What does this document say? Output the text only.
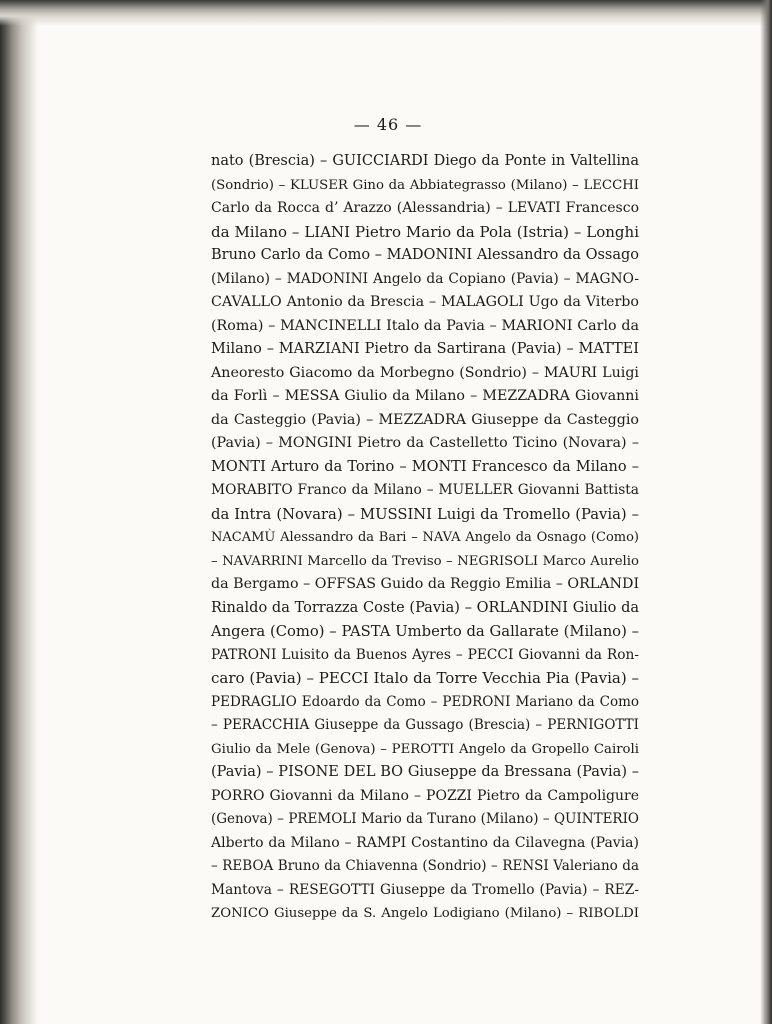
— 46 —
nato (Brescia) – GUICCIARDI Diego da Ponte in Valtellina
(Sondrio) – KLUSER Gino da Abbiategrasso (Milano) – LECCHI
Carlo da Rocca d’ Arazzo (Alessandria) – LEVATI Francesco
da Milano – LIANI Pietro Mario da Pola (Istria) – Longhi
Bruno Carlo da Como – MADONINI Alessandro da Ossago
(Milano) – MADONINI Angelo da Copiano (Pavia) – MAGNO-
CAVALLO Antonio da Brescia – MALAGOLI Ugo da Viterbo
(Roma) – MANCINELLI Italo da Pavia – MARIONI Carlo da
Milano – MARZIANI Pietro da Sartirana (Pavia) – MATTEI
Aneoresto Giacomo da Morbegno (Sondrio) – MAURI Luigi
da Forlì – MESSA Giulio da Milano – MEZZADRA Giovanni
da Casteggio (Pavia) – MEZZADRA Giuseppe da Casteggio
(Pavia) – MONGINI Pietro da Castelletto Ticino (Novara) –
MONTI Arturo da Torino – MONTI Francesco da Milano –
MORABITO Franco da Milano – MUELLER Giovanni Battista
da Intra (Novara) – MUSSINI Luigi da Tromello (Pavia) –
NACAMÙ Alessandro da Bari – NAVA Angelo da Osnago (Como)
– NAVARRINI Marcello da Treviso – NEGRISOLI Marco Aurelio
da Bergamo – OFFSAS Guido da Reggio Emilia – ORLANDI
Rinaldo da Torrazza Coste (Pavia) – ORLANDINI Giulio da
Angera (Como) – PASTA Umberto da Gallarate (Milano) –
PATRONI Luisito da Buenos Ayres – PECCI Giovanni da Ron-
caro (Pavia) – PECCI Italo da Torre Vecchia Pia (Pavia) –
PEDRAGLIO Edoardo da Como – PEDRONI Mariano da Como
– PERACCHIA Giuseppe da Gussago (Brescia) – PERNIGOTTI
Giulio da Mele (Genova) – PEROTTI Angelo da Gropello Cairoli
(Pavia) – PISONE DEL BO Giuseppe da Bressana (Pavia) –
PORRO Giovanni da Milano – POZZI Pietro da Campoligure
(Genova) – PREMOLI Mario da Turano (Milano) – QUINTERIO
Alberto da Milano – RAMPI Costantino da Cilavegna (Pavia)
– REBOA Bruno da Chiavenna (Sondrio) – RENSI Valeriano da
Mantova – RESEGOTTI Giuseppe da Tromello (Pavia) – REZ-
ZONICO Giuseppe da S. Angelo Lodigiano (Milano) – RIBOLDI
